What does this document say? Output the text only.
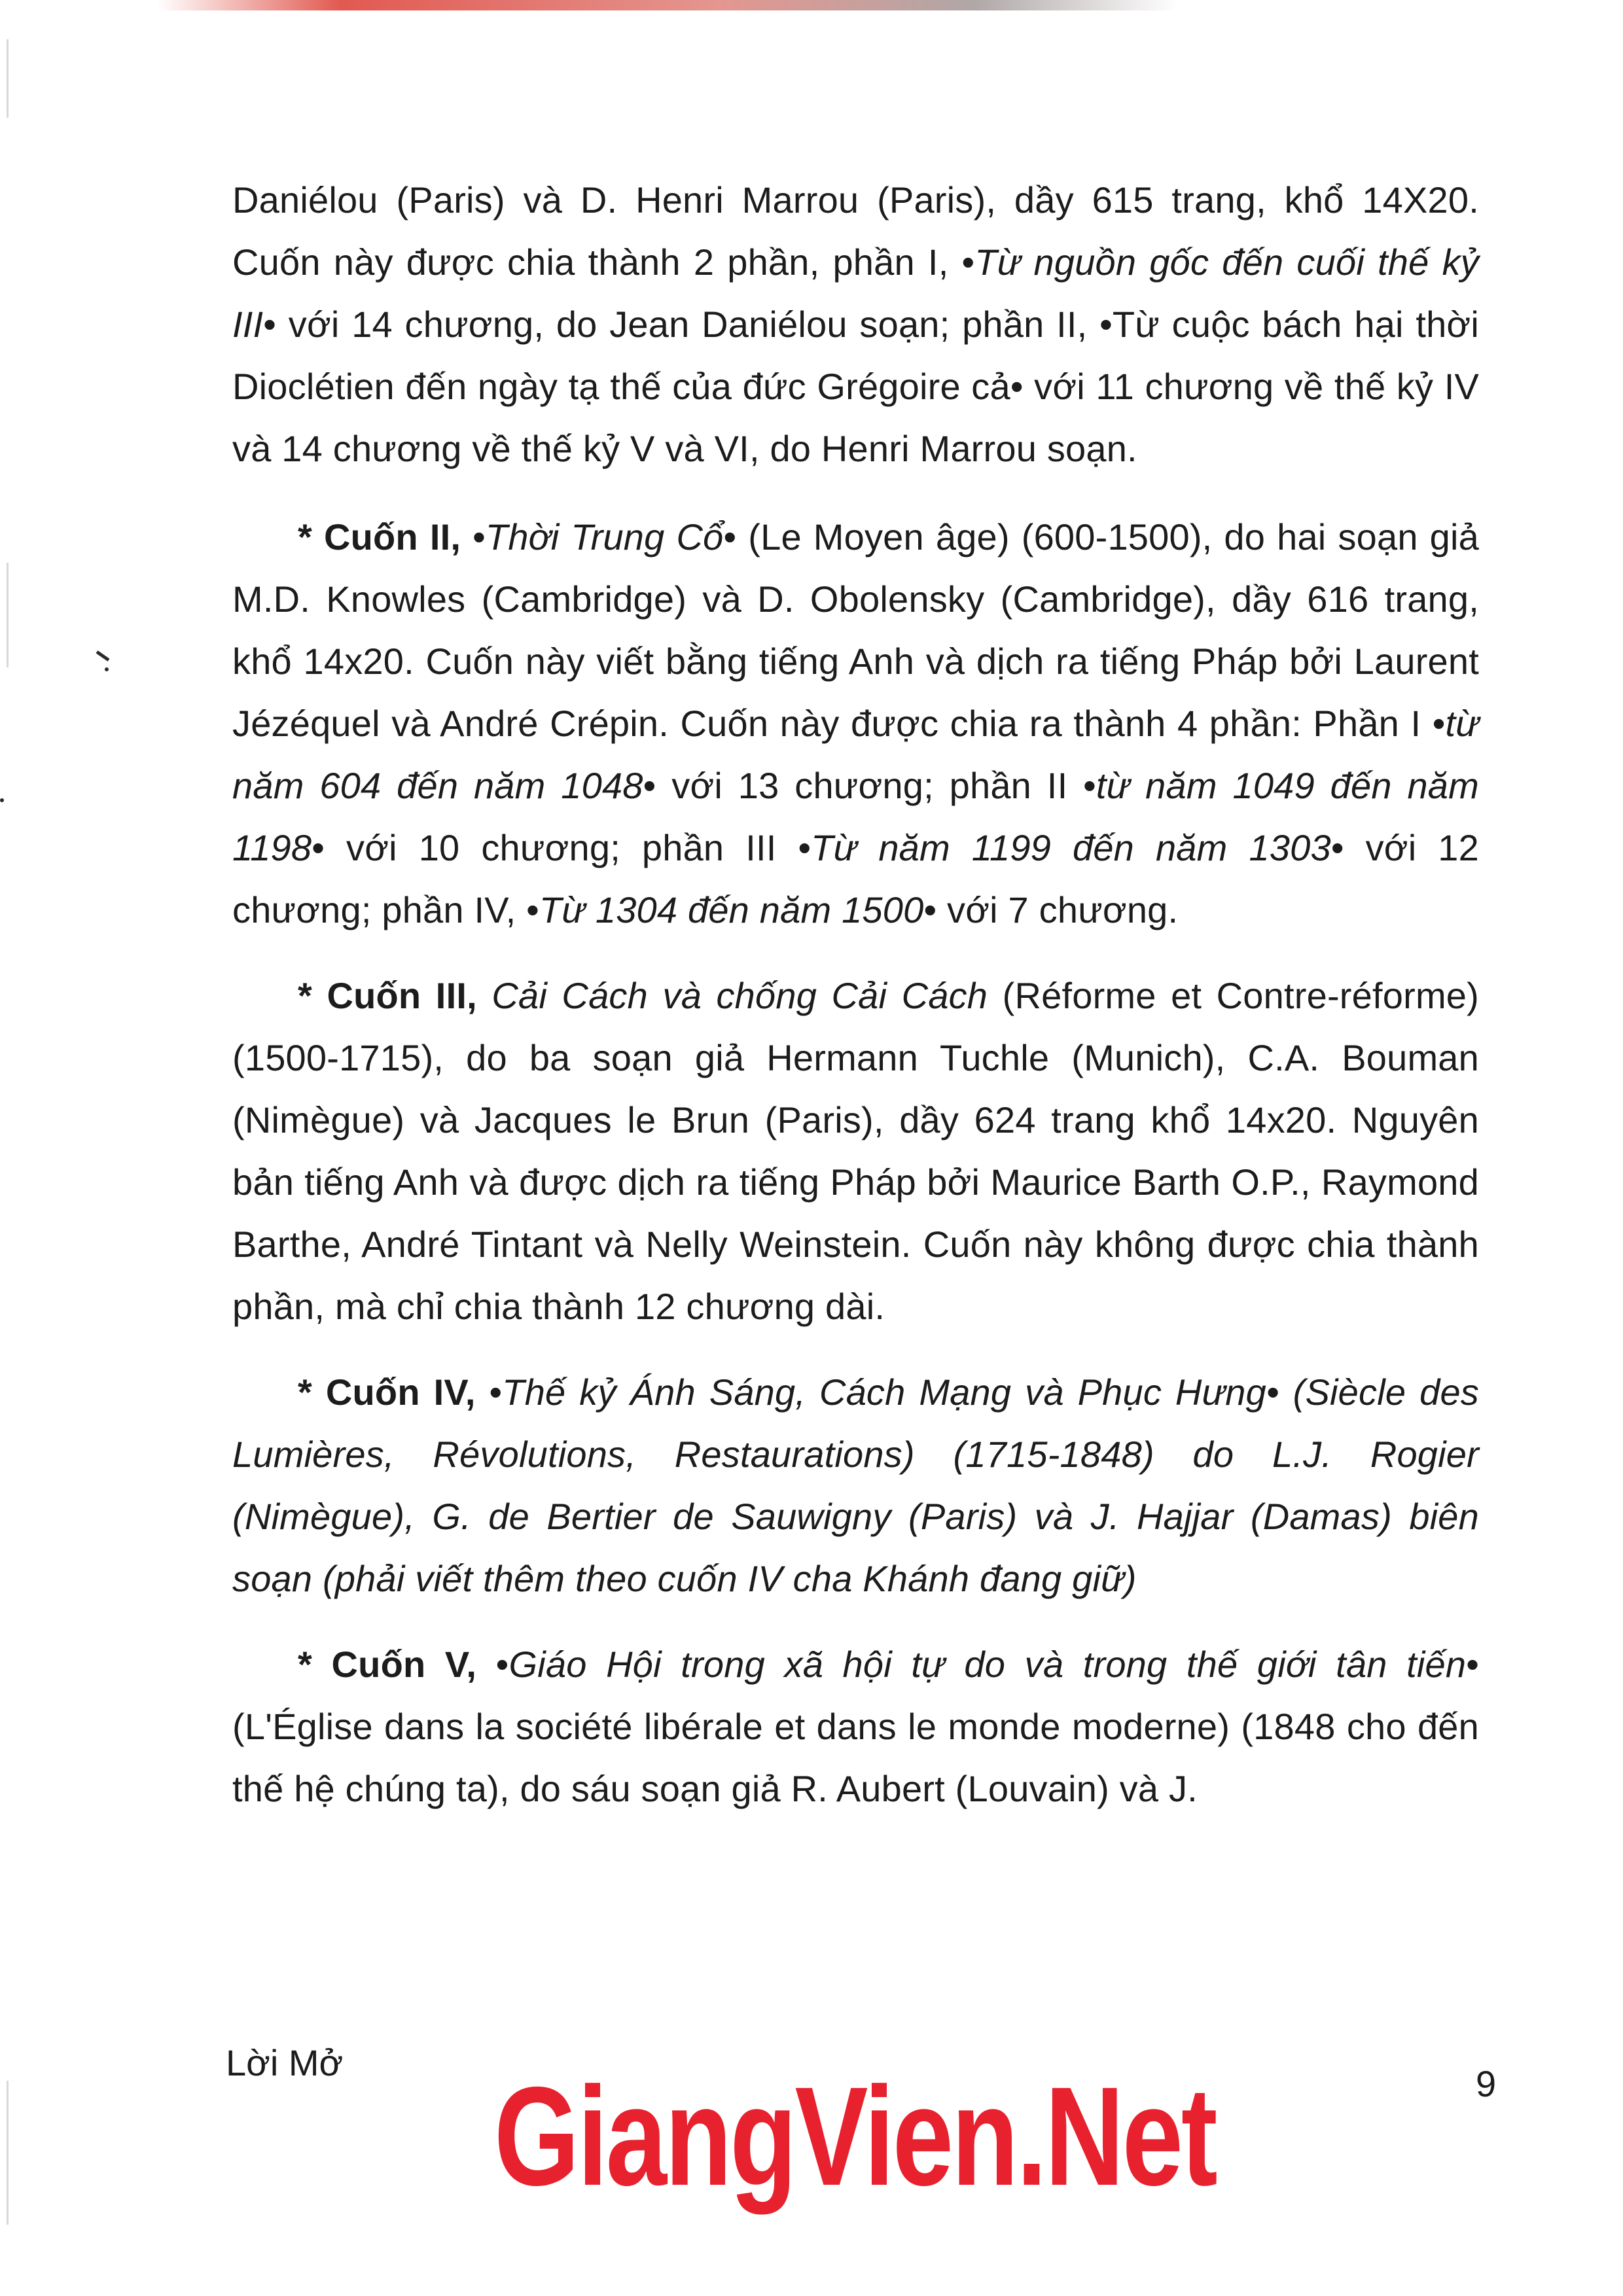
Daniélou (Paris) và D. Henri Marrou (Paris), dầy 615 trang, khổ 14X20. Cuốn này được chia thành 2 phần, phần I, •Từ nguồn gốc đến cuối thế kỷ III• với 14 chương, do Jean Daniélou soạn; phần II, •Từ cuộc bách hại thời Dioclétien đến ngày tạ thế của đức Grégoire cả• với 11 chương về thế kỷ IV và 14 chương về thế kỷ V và VI, do Henri Marrou soạn.

* Cuốn II, •Thời Trung Cổ• (Le Moyen âge) (600-1500), do hai soạn giả M.D. Knowles (Cambridge) và D. Obolensky (Cambridge), dầy 616 trang, khổ 14x20. Cuốn này viết bằng tiếng Anh và dịch ra tiếng Pháp bởi Laurent Jézéquel và André Crépin. Cuốn này được chia ra thành 4 phần: Phần I •từ năm 604 đến năm 1048• với 13 chương; phần II •từ năm 1049 đến năm 1198• với 10 chương; phần III •Từ năm 1199 đến năm 1303• với 12 chương; phần IV, •Từ 1304 đến năm 1500• với 7 chương.

* Cuốn III, Cải Cách và chống Cải Cách (Réforme et Contre-réforme) (1500-1715), do ba soạn giả Hermann Tuchle (Munich), C.A. Bouman (Nimègue) và Jacques le Brun (Paris), dầy 624 trang khổ 14x20. Nguyên bản tiếng Anh và được dịch ra tiếng Pháp bởi Maurice Barth O.P., Raymond Barthe, André Tintant và Nelly Weinstein. Cuốn này không được chia thành phần, mà chỉ chia thành 12 chương dài.

* Cuốn IV, •Thế kỷ Ánh Sáng, Cách Mạng và Phục Hưng• (Siècle des Lumières, Révolutions, Restaurations) (1715-1848) do L.J. Rogier (Nimègue), G. de Bertier de Sauwigny (Paris) và J. Hajjar (Damas) biên soạn (phải viết thêm theo cuốn IV cha Khánh đang giữ)

* Cuốn V, •Giáo Hội trong xã hội tự do và trong thế giới tân tiến• (L'Église dans la société libérale et dans le monde moderne) (1848 cho đến thế hệ chúng ta), do sáu soạn giả R. Aubert (Louvain) và J.

Lời Mở
9
GiangVien.Net
